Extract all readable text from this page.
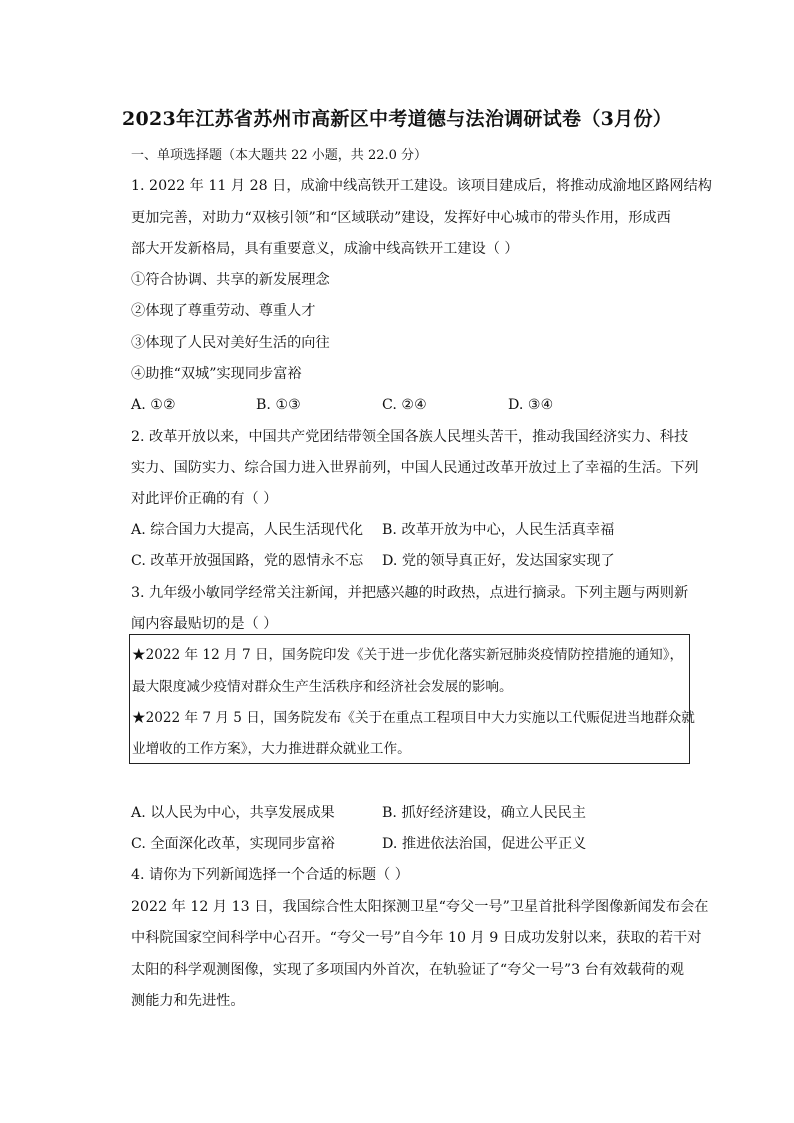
2023年江苏省苏州市高新区中考道德与法治调研试卷（3月份）
一、单项选择题（本大题共 22 小题，共 22.0 分）
1. 2022 年 11 月 28 日，成渝中线高铁开工建设。该项目建成后，将推动成渝地区路网结构
更加完善，对助力“双核引领”和“区域联动”建设，发挥好中心城市的带头作用，形成西
部大开发新格局，具有重要意义，成渝中线高铁开工建设（ ）
①符合协调、共享的新发展理念
②体现了尊重劳动、尊重人才
③体现了人民对美好生活的向往
④助推“双城”实现同步富裕
A. ①②	B. ①③	C. ②④	D. ③④
2. 改革开放以来，中国共产党团结带领全国各族人民埋头苦干，推动我国经济实力、科技
实力、国防实力、综合国力进入世界前列，中国人民通过改革开放过上了幸福的生活。下列
对此评价正确的有（ ）
A. 综合国力大提高，人民生活现代化 B. 改革开放为中心，人民生活真幸福
C. 改革开放强国路，党的恩情永不忘 D. 党的领导真正好，发达国家实现了
3. 九年级小敏同学经常关注新闻，并把感兴趣的时政热，点进行摘录。下列主题与两则新
闻内容最贴切的是（ ）
★2022 年 12 月 7 日，国务院印发《关于进一步优化落实新冠肺炎疫情防控措施的通知》，
最大限度减少疫情对群众生产生活秩序和经济社会发展的影响。
★2022 年 7 月 5 日，国务院发布《关于在重点工程项目中大力实施以工代赈促进当地群众就
业增收的工作方案》，大力推进群众就业工作。
A. 以人民为中心，共享发展成果	B. 抓好经济建设，确立人民民主
C. 全面深化改革，实现同步富裕	D. 推进依法治国，促进公平正义
4. 请你为下列新闻选择一个合适的标题（ ）
2022 年 12 月 13 日，我国综合性太阳探测卫星“夸父一号”卫星首批科学图像新闻发布会在
中科院国家空间科学中心召开。“夸父一号”自今年 10 月 9 日成功发射以来，获取的若干对
太阳的科学观测图像，实现了多项国内外首次，在轨验证了“夸父一号”3 台有效载荷的观
测能力和先进性。
